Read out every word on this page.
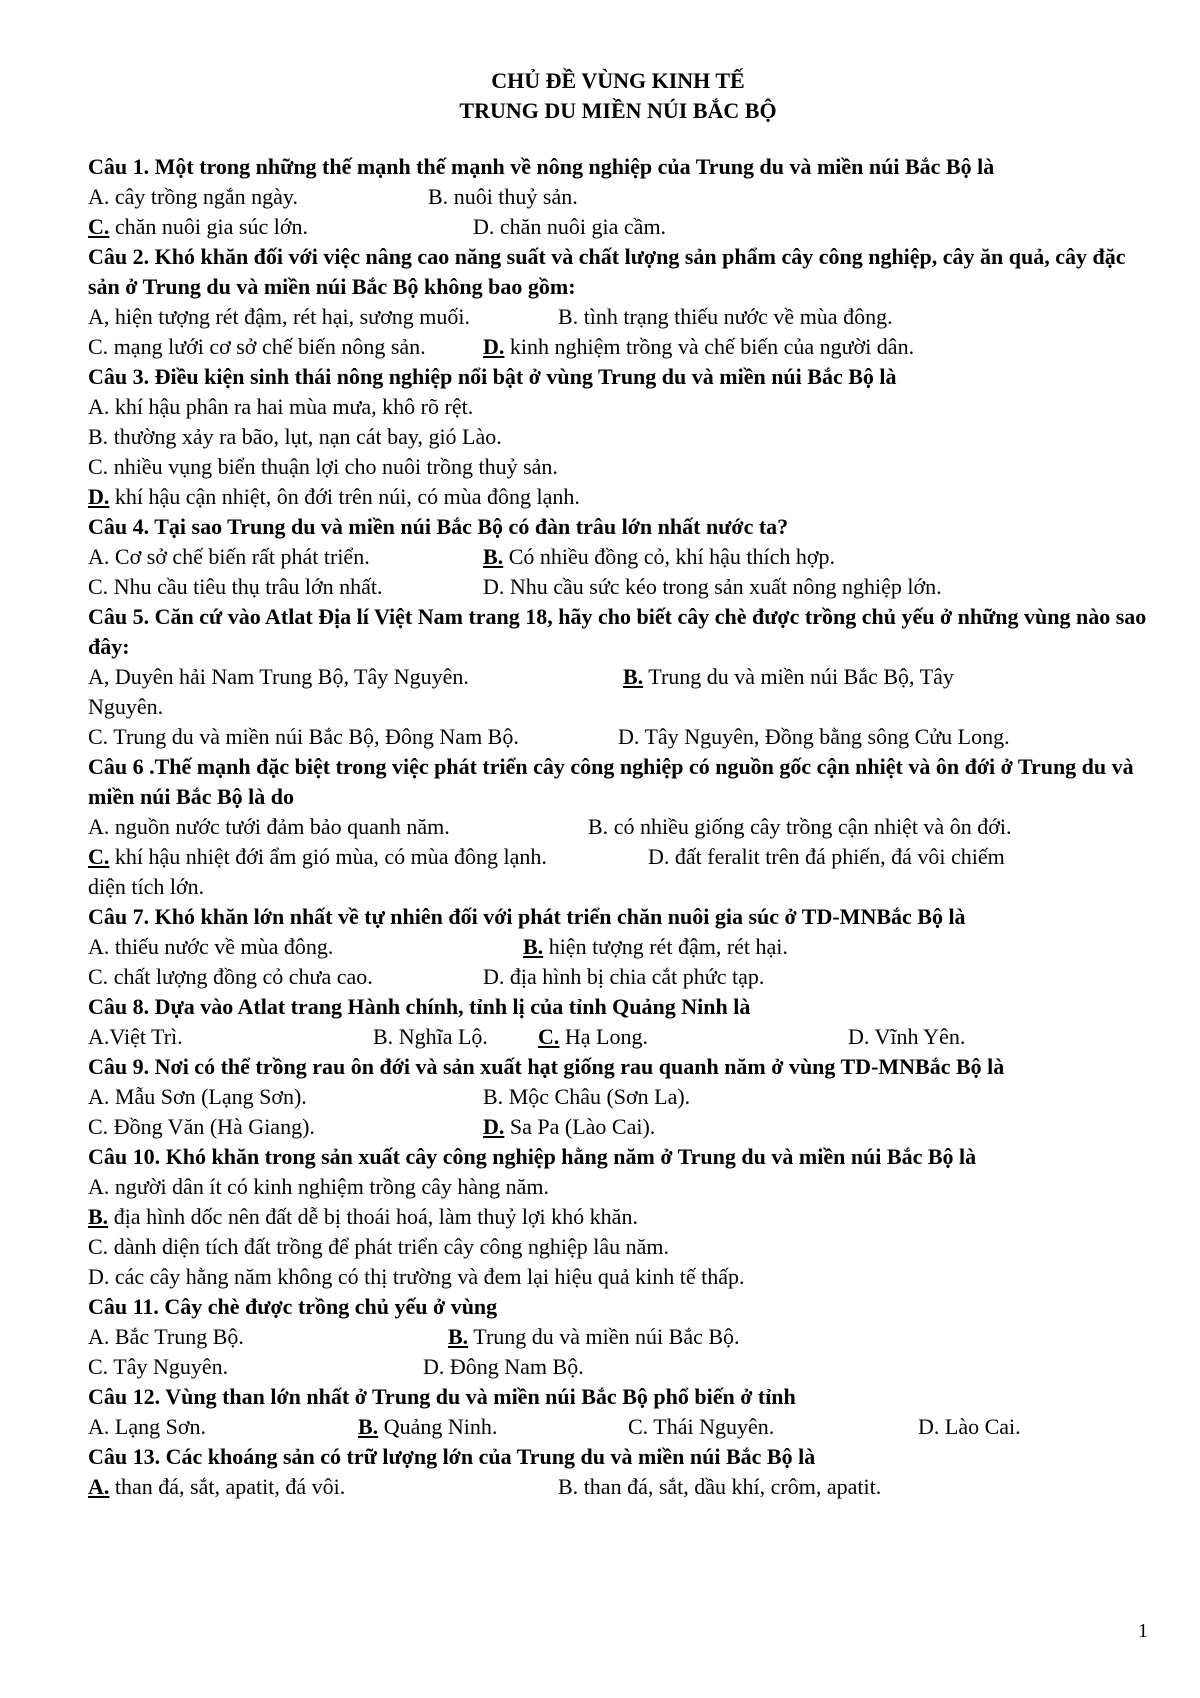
CHỦ ĐỀ VÙNG KINH TẾ
TRUNG DU MIỀN NÚI BẮC BỘ
Câu 1. Một trong những thế mạnh thế mạnh về nông nghiệp của Trung du và miền núi Bắc Bộ là
A. cây trồng ngắn ngày.	B. nuôi thuỷ sản.
C. chăn nuôi gia súc lớn.	D. chăn nuôi gia cầm.
Câu 2. Khó khăn đối với việc nâng cao năng suất và chất lượng sản phẩm cây công nghiệp, cây ăn quả, cây đặc sản ở Trung du và miền núi Bắc Bộ không bao gồm:
A, hiện tượng rét đậm, rét hại, sương muối.	B. tình trạng thiếu nước về mùa đông.
C. mạng lưới cơ sở chế biến nông sản.	D. kinh nghiệm trồng và chế biến của người dân.
Câu 3. Điều kiện sinh thái nông nghiệp nổi bật ở vùng Trung du và miền núi Bắc Bộ là
A. khí hậu phân ra hai mùa mưa, khô rõ rệt.
B. thường xảy ra bão, lụt, nạn cát bay, gió Lào.
C. nhiều vụng biển thuận lợi cho nuôi trồng thuỷ sản.
D. khí hậu cận nhiệt, ôn đới trên núi, có mùa đông lạnh.
Câu 4. Tại sao Trung du và miền núi Bắc Bộ có đàn trâu lớn nhất nước ta?
A. Cơ sở chế biến rất phát triển.	B. Có nhiều đồng cỏ, khí hậu thích hợp.
C. Nhu cầu tiêu thụ trâu lớn nhất.	D. Nhu cầu sức kéo trong sản xuất nông nghiệp lớn.
Câu 5. Căn cứ vào Atlat Địa lí Việt Nam trang 18, hãy cho biết cây chè được trồng chủ yếu ở những vùng nào sao đây:
A, Duyên hải Nam Trung Bộ, Tây Nguyên.	B. Trung du và miền núi Bắc Bộ, Tây
Nguyên.
C. Trung du và miền núi Bắc Bộ, Đông Nam Bộ.	D. Tây Nguyên, Đồng bằng sông Cửu Long.
Câu 6 .Thế mạnh đặc biệt trong việc phát triển cây công nghiệp có nguồn gốc cận nhiệt và ôn đới ở Trung du và miền núi Bắc Bộ là do
A. nguồn nước tưới đảm bảo quanh năm.	B. có nhiều giống cây trồng cận nhiệt và ôn đới.
C. khí hậu nhiệt đới ẩm gió mùa, có mùa đông lạnh.	D. đất feralit trên đá phiến, đá vôi chiếm
diện tích lớn.
Câu 7. Khó khăn lớn nhất về tự nhiên đối với phát triển chăn nuôi gia súc ở TD-MNBắc Bộ là
A. thiếu nước về mùa đông.	B. hiện tượng rét đậm, rét hại.
C. chất lượng đồng cỏ chưa cao.	D. địa hình bị chia cắt phức tạp.
Câu 8. Dựa vào Atlat trang Hành chính, tỉnh lị của tỉnh Quảng Ninh là
A.Việt Trì.	B. Nghĩa Lộ. C. Hạ Long.	D. Vĩnh Yên.
Câu 9. Nơi có thể trồng rau ôn đới và sản xuất hạt giống rau quanh năm ở vùng TD-MNBắc Bộ là
A. Mẫu Sơn (Lạng Sơn).	B. Mộc Châu (Sơn La).
C. Đồng Văn (Hà Giang).	D. Sa Pa (Lào Cai).
Câu 10. Khó khăn trong sản xuất cây công nghiệp hằng năm ở Trung du và miền núi Bắc Bộ là
A. người dân ít có kinh nghiệm trồng cây hàng năm.
B. địa hình dốc nên đất dễ bị thoái hoá, làm thuỷ lợi khó khăn.
C. dành diện tích đất trồng để phát triển cây công nghiệp lâu năm.
D. các cây hằng năm không có thị trường và đem lại hiệu quả kinh tế thấp.
Câu 11. Cây chè được trồng chủ yếu ở vùng
A. Bắc Trung Bộ.	B. Trung du và miền núi Bắc Bộ.
C. Tây Nguyên.	D. Đông Nam Bộ.
Câu 12. Vùng than lớn nhất ở Trung du và miền núi Bắc Bộ phổ biến ở tỉnh
A. Lạng Sơn.	B. Quảng Ninh.	C. Thái Nguyên.	D. Lào Cai.
Câu 13. Các khoáng sản có trữ lượng lớn của Trung du và miền núi Bắc Bộ là
A. than đá, sắt, apatit, đá vôi.	B. than đá, sắt, dầu khí, crôm, apatit.
1
